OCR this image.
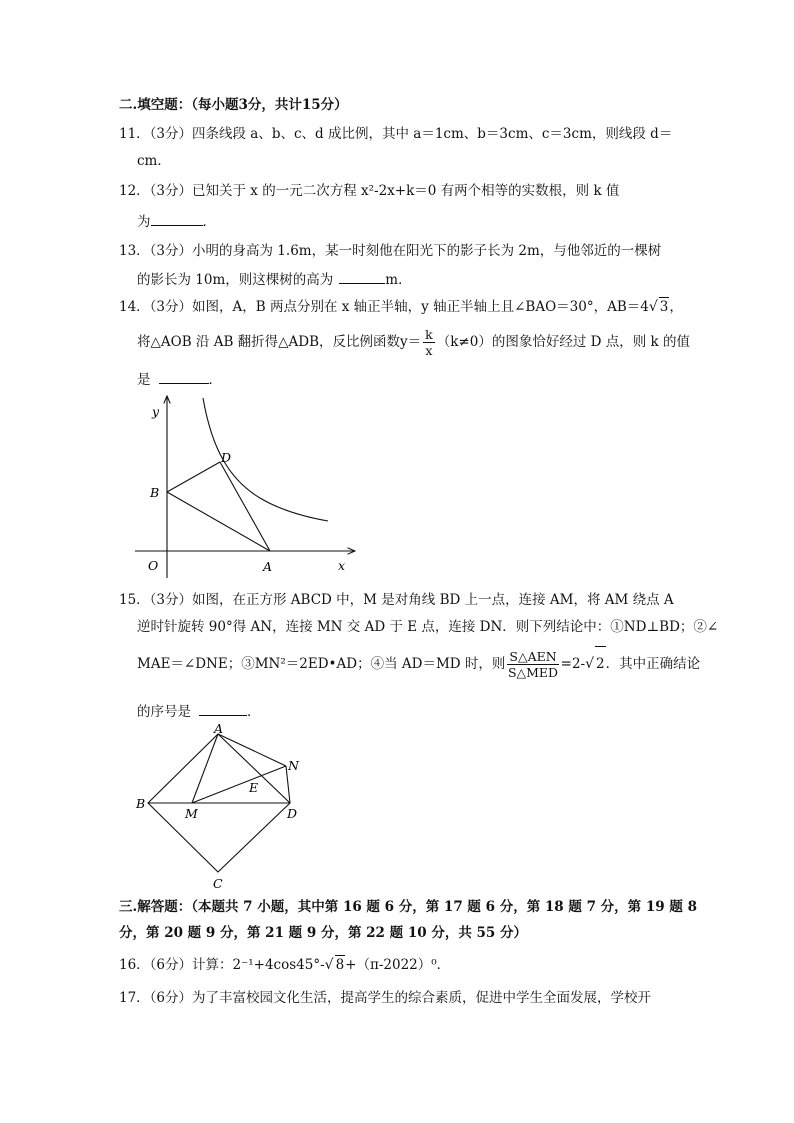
二.填空题：（每小题3分，共计15分）
11．（3分）四条线段 a、b、c、d 成比例，其中 a＝1cm、b＝3cm、c＝3cm，则线段 d＝
cm．
12．（3分）已知关于 x 的一元二次方程 x²-2x+k＝0 有两个相等的实数根，则 k 值
为	．
13．（3分）小明的身高为 1.6m，某一时刻他在阳光下的影子长为 2m，与他邻近的一棵树
的影长为 10m，则这棵树的高为	m．
14．（3分）如图，A，B 两点分别在 x 轴正半轴，y 轴正半轴上且∠BAO＝30°，AB＝4√ 3，
将△AOB 沿 AB 翻折得△ADB，反比例函数$y= \frac{k}{x} (k\ne 0)$的图象恰好经过 D 点，则 k 的值
是	．
y
x
O	A
B
D
15．（3分）如图，在正方形 ABCD 中，M 是对角线 BD 上一点，连接 AM，将 AM 绕点 A
逆时针旋转 90°得 AN，连接 MN 交 AD 于 E 点，连接 DN．则下列结论中：①ND⊥BD；②∠
MAE＝∠DNE；③MN²＝2ED•AD；④当 AD＝MD 时，则 $\frac{\text{S△AEN}}{\text{S△MED}} =2-√$ 2．其中正确结论
的序号是	．
A
B
C
D
M
N
E
三.解答题：（本题共 7 小题，其中第 16 题 6 分，第 17 题 6 分，第 18 题 7 分，第 19 题 8
分，第 20 题 9 分，第 21 题 9 分，第 22 题 10 分，共 55 分）
16．（6分）计算：2⁻¹+4cos45°-√ 8+（π-2022）⁰．
17．（6分）为了丰富校园文化生活，提高学生的综合素质，促进中学生全面发展，学校开
